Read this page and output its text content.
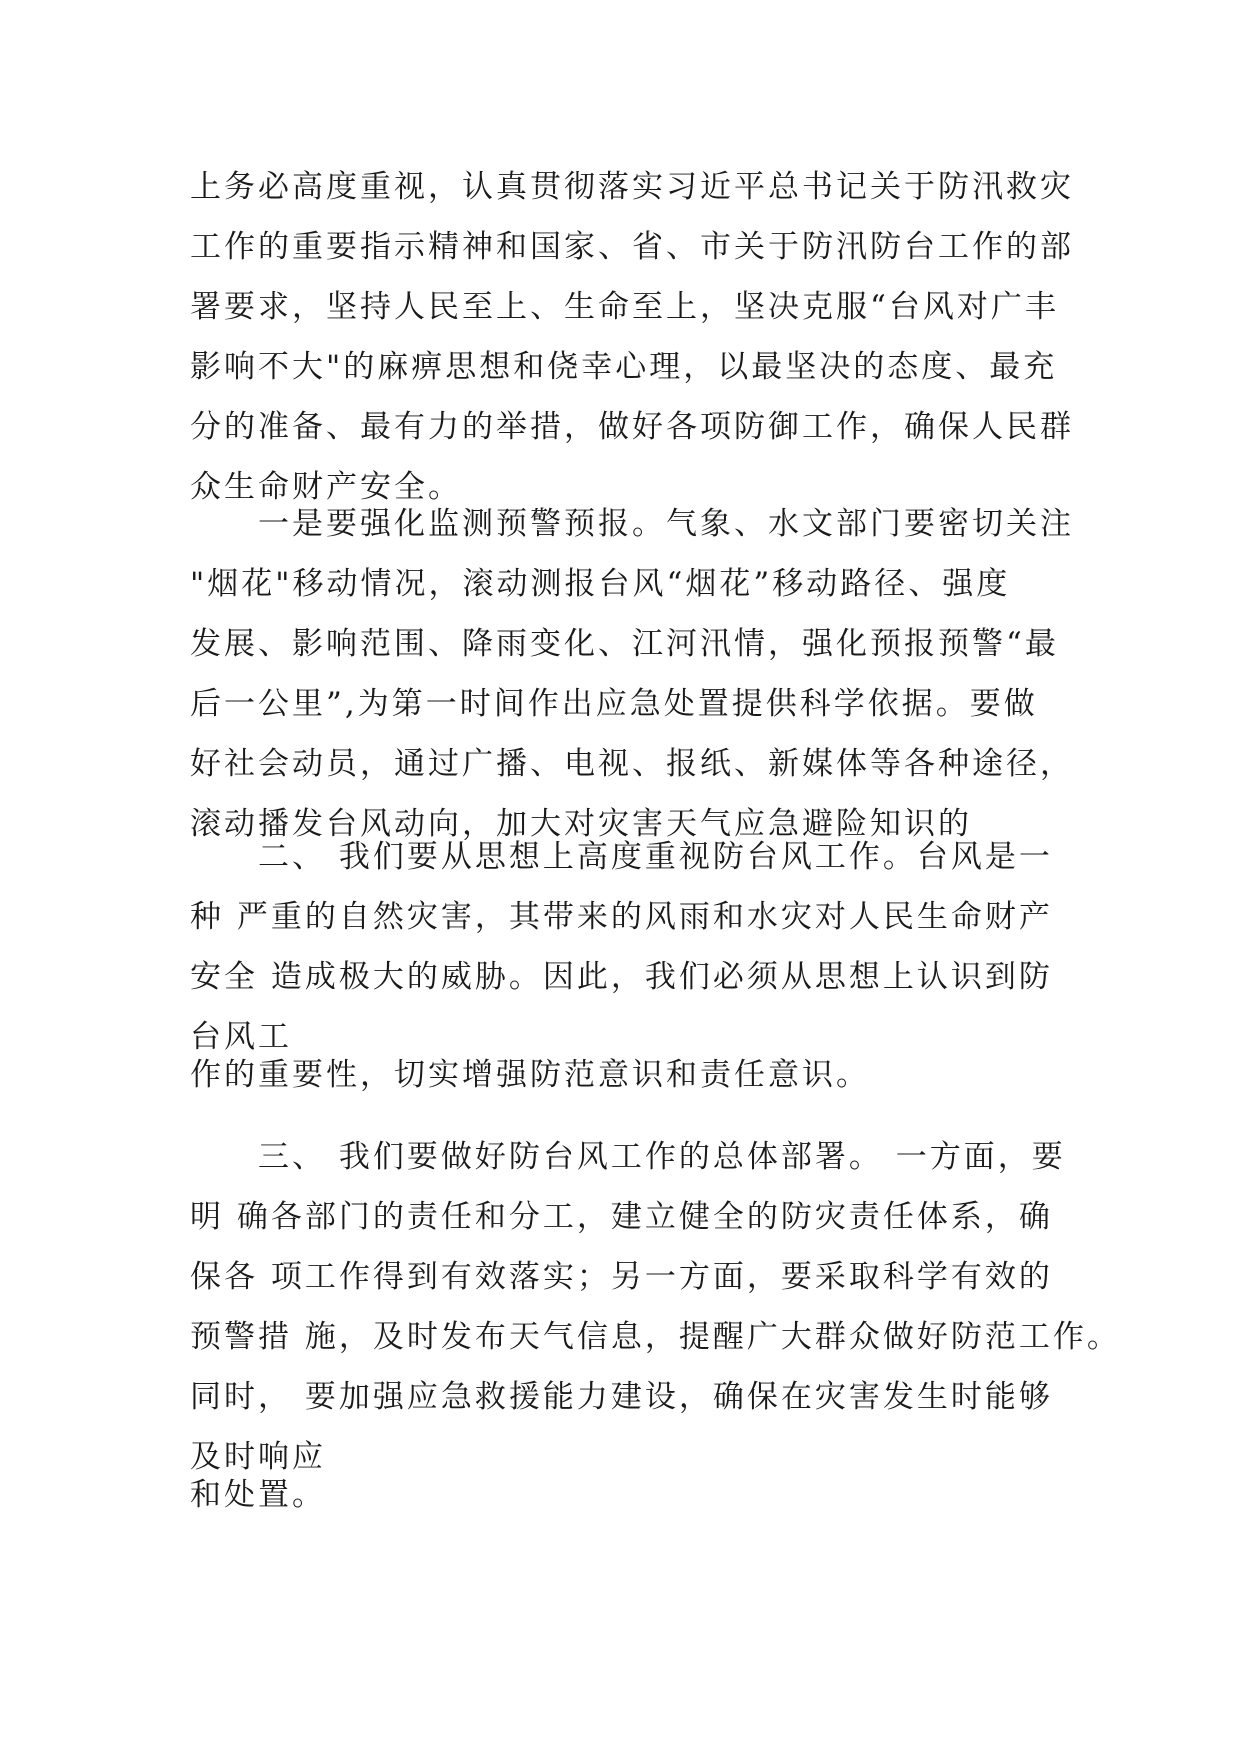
上务必高度重视，认真贯彻落实习近平总书记关于防汛救灾
工作的重要指示精神和国家、省、市关于防汛防台工作的部
署要求，坚持人民至上、生命至上，坚决克服“台风对广丰
影响不大"的麻痹思想和侥幸心理，以最坚决的态度、最充
分的准备、最有力的举措，做好各项防御工作，确保人民群
众生命财产安全。
一是要强化监测预警预报。气象、水文部门要密切关注
"烟花"移动情况，滚动测报台风“烟花”移动路径、强度
发展、影响范围、降雨变化、江河汛情，强化预报预警“最
后一公里”,为第一时间作出应急处置提供科学依据。要做
好社会动员，通过广播、电视、报纸、新媒体等各种途径，
滚动播发台风动向，加大对灾害天气应急避险知识的
二、 我们要从思想上高度重视防台风工作。台风是一
种 严重的自然灾害，其带来的风雨和水灾对人民生命财产
安全 造成极大的威胁。因此，我们必须从思想上认识到防
台风工
作的重要性，切实增强防范意识和责任意识。
三、 我们要做好防台风工作的总体部署。 一方面，要
明 确各部门的责任和分工，建立健全的防灾责任体系，确
保各 项工作得到有效落实；另一方面，要采取科学有效的
预警措 施，及时发布天气信息，提醒广大群众做好防范工作。
同时， 要加强应急救援能力建设，确保在灾害发生时能够
及时响应
和处置。
